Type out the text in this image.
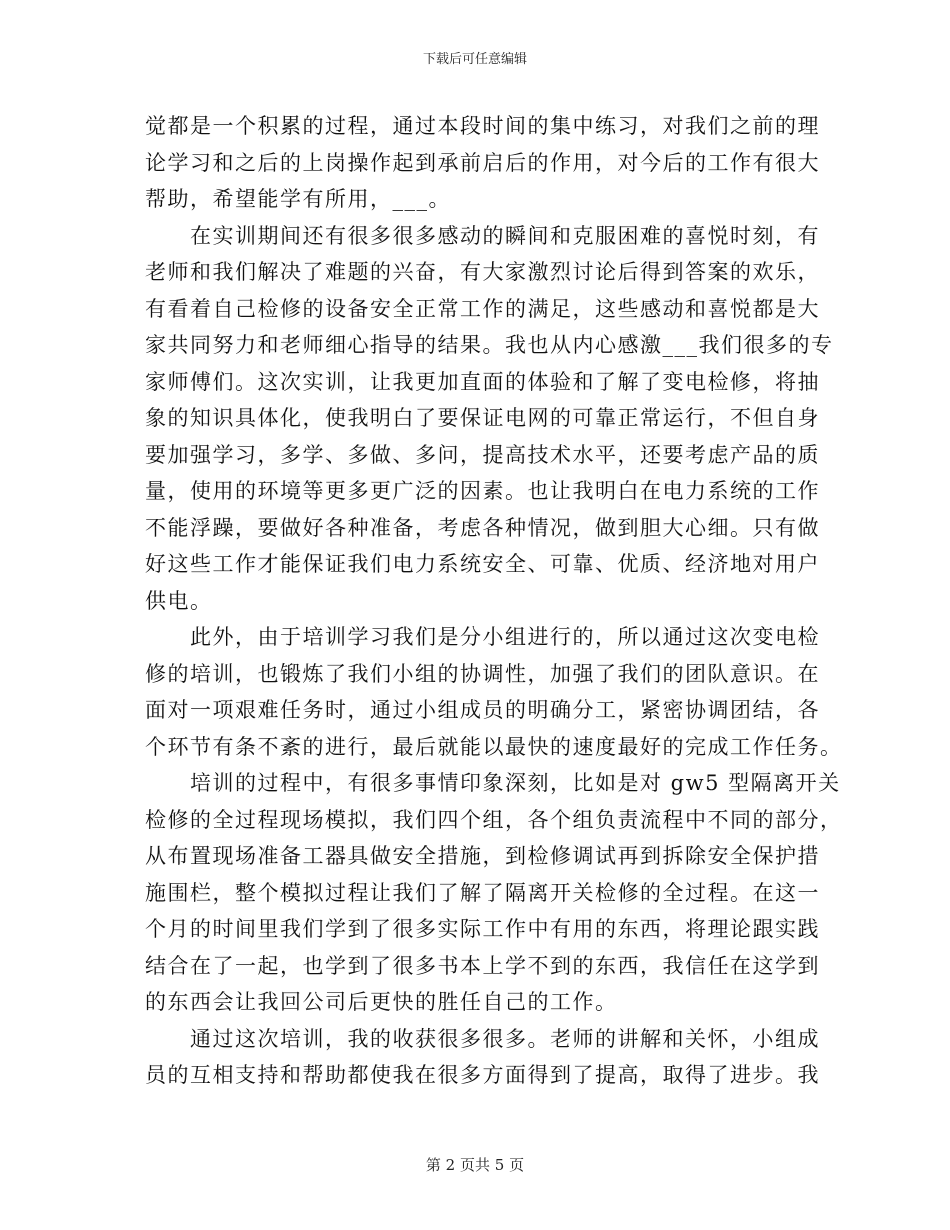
下载后可任意编辑

觉都是一个积累的过程，通过本段时间的集中练习，对我们之前的理
论学习和之后的上岗操作起到承前启后的作用，对今后的工作有很大
帮助，希望能学有所用，___。

　　在实训期间还有很多很多感动的瞬间和克服困难的喜悦时刻，有
老师和我们解决了难题的兴奋，有大家激烈讨论后得到答案的欢乐，
有看着自己检修的设备安全正常工作的满足，这些感动和喜悦都是大
家共同努力和老师细心指导的结果。我也从内心感激___我们很多的专
家师傅们。这次实训，让我更加直面的体验和了解了变电检修，将抽
象的知识具体化，使我明白了要保证电网的可靠正常运行，不但自身
要加强学习，多学、多做、多问，提高技术水平，还要考虑产品的质
量，使用的环境等更多更广泛的因素。也让我明白在电力系统的工作
不能浮躁，要做好各种准备，考虑各种情况，做到胆大心细。只有做
好这些工作才能保证我们电力系统安全、可靠、优质、经济地对用户
供电。

　　此外，由于培训学习我们是分小组进行的，所以通过这次变电检
修的培训，也锻炼了我们小组的协调性，加强了我们的团队意识。在
面对一项艰难任务时，通过小组成员的明确分工，紧密协调团结，各
个环节有条不紊的进行，最后就能以最快的速度最好的完成工作任务。

　　培训的过程中，有很多事情印象深刻，比如是对 gw5 型隔离开关
检修的全过程现场模拟，我们四个组，各个组负责流程中不同的部分，
从布置现场准备工器具做安全措施，到检修调试再到拆除安全保护措
施围栏，整个模拟过程让我们了解了隔离开关检修的全过程。在这一
个月的时间里我们学到了很多实际工作中有用的东西，将理论跟实践
结合在了一起，也学到了很多书本上学不到的东西，我信任在这学到
的东西会让我回公司后更快的胜任自己的工作。

　　通过这次培训，我的收获很多很多。老师的讲解和关怀，小组成
员的互相支持和帮助都使我在很多方面得到了提高，取得了进步。我

第 2 页共 5 页
